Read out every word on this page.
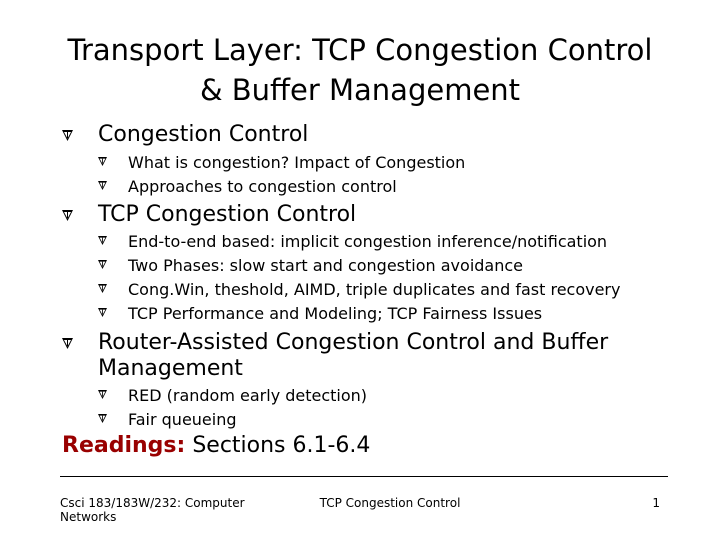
Transport Layer: TCP Congestion Control
& Buffer Management
Congestion Control
What is congestion? Impact of Congestion
Approaches to congestion control
TCP Congestion Control
End-to-end based: implicit congestion inference/notification
Two Phases: slow start and congestion avoidance
Cong.Win, theshold, AIMD, triple duplicates and fast recovery
TCP Performance and Modeling; TCP Fairness Issues
Router-Assisted Congestion Control and Buffer
Management
RED (random early detection)
Fair queueing
Readings: Sections 6.1-6.4
Csci 183/183W/232: Computer
Networks
TCP Congestion Control	1
